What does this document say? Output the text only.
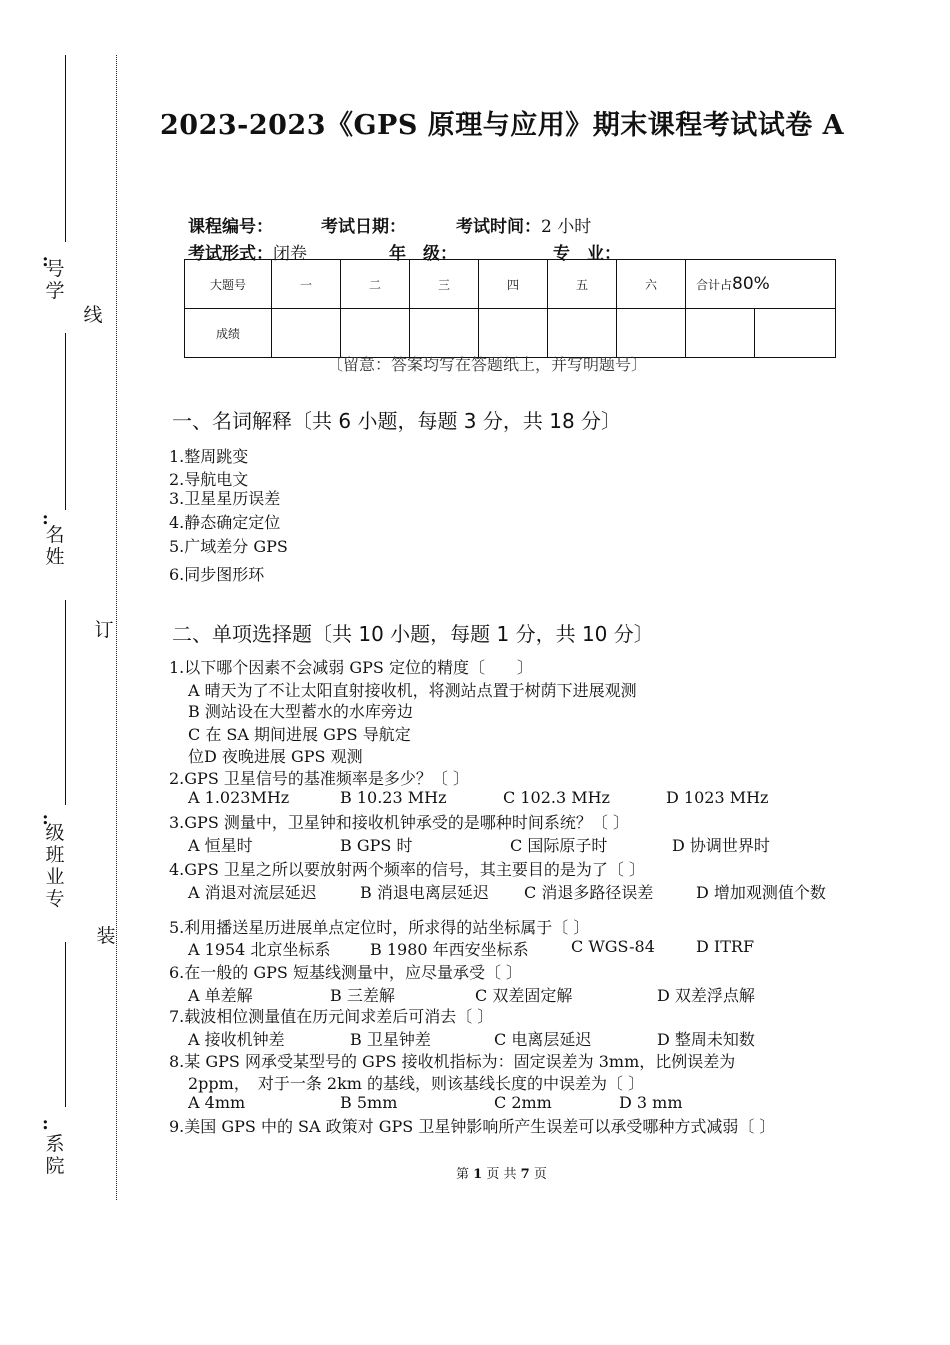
:
号
学
:
名
姓
:
级
班
业
专
:
系
院
线
订
装
2023-2023《GPS 原理与应用》期末课程考试试卷 A
课程编号：	考试日期：	考试时间：2 小时
考试形式：闭卷	年　级：	专　业：
大题号	一	二	三	四	五	六	合计占80%	
成绩								
〔留意：答案均写在答题纸上，并写明题号〕
一、名词解释〔共 6 小题，每题 3 分，共 18 分〕
1.整周跳变
2.导航电文
3.卫星星历误差
4.静态确定定位
5.广域差分 GPS
6.同步图形环
二、单项选择题〔共 10 小题，每题 1 分，共 10 分〕
1.以下哪个因素不会减弱 GPS 定位的精度〔　　〕
A 晴天为了不让太阳直射接收机，将测站点置于树荫下进展观测
B 测站设在大型蓄水的水库旁边
C 在 SA 期间进展 GPS 导航定
位D 夜晚进展 GPS 观测
2.GPS 卫星信号的基准频率是多少？〔 〕
A 1.023MHz	B 10.23 MHz	C 102.3 MHz	D 1023 MHz
3.GPS 测量中，卫星钟和接收机钟承受的是哪种时间系统？〔 〕
A 恒星时	B GPS 时	C 国际原子时	D 协调世界时
4.GPS 卫星之所以要放射两个频率的信号，其主要目的是为了〔 〕
A 消退对流层延迟	B 消退电离层延迟 C 消退多路径误差	D 增加观测值个数
5.利用播送星历进展单点定位时，所求得的站坐标属于〔 〕
A 1954 北京坐标系 B 1980 年西安坐标系	C WGS-84	D ITRF
6.在一般的 GPS 短基线测量中，应尽量承受〔 〕
A 单差解	B 三差解	C 双差固定解	D 双差浮点解
7.载波相位测量值在历元间求差后可消去〔 〕
A 接收机钟差	B 卫星钟差	C 电离层延迟	D 整周未知数
8.某 GPS 网承受某型号的 GPS 接收机指标为：固定误差为 3mm，比例误差为
2ppm，　对于一条 2km 的基线，则该基线长度的中误差为〔 〕
A 4mm	B 5mm	C 2mm	D 3 mm
9.美国 GPS 中的 SA 政策对 GPS 卫星钟影响所产生误差可以承受哪种方式减弱〔 〕
第 1 页 共 7 页
